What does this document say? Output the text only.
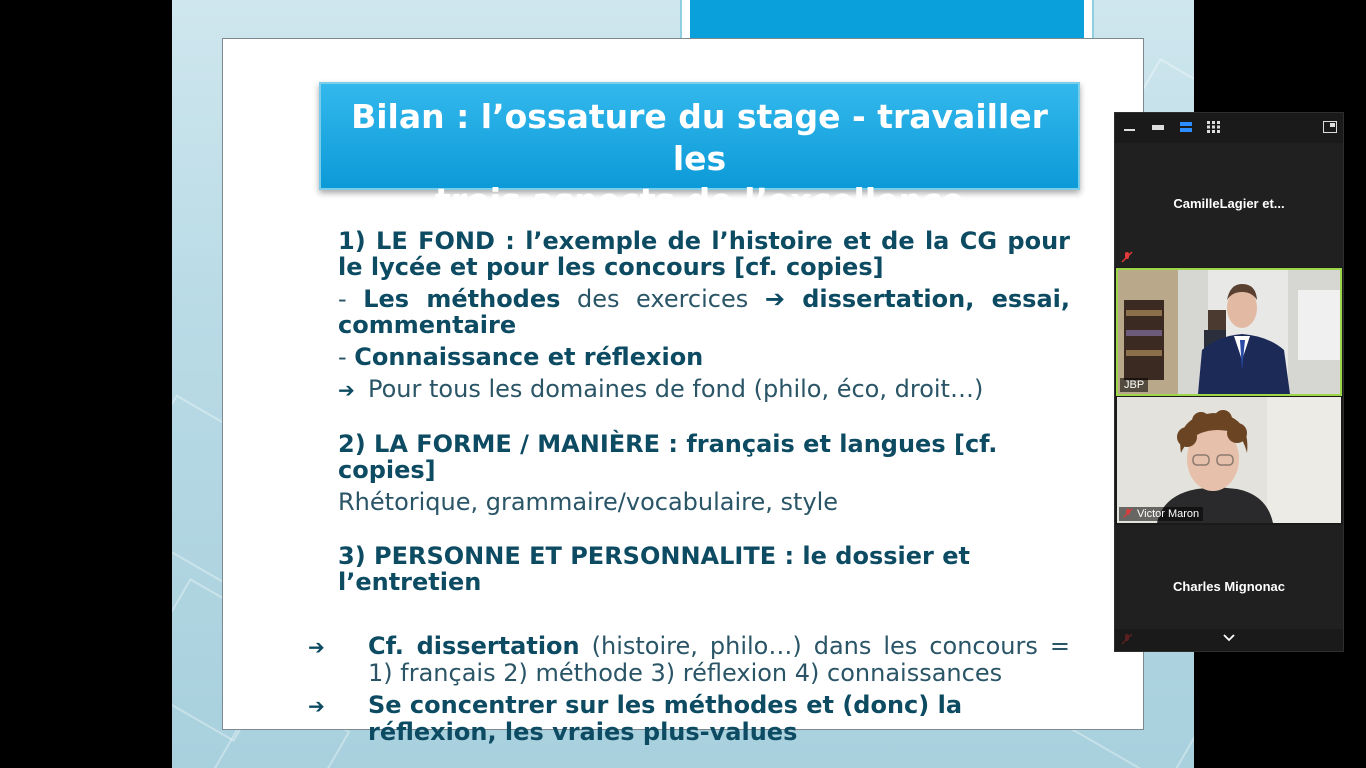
Bilan : l’ossature du stage - travailler les
trois aspects de l’excellence
1) LE FOND : l’exemple de l’histoire et de la CG pour le lycée et pour les concours [cf. copies]
- Les méthodes des exercices ➔ dissertation, essai, commentaire
- Connaissance et réflexion
➔ Pour tous les domaines de fond (philo, éco, droit…)
2) LA FORME / MANIÈRE : français et langues [cf. copies]
Rhétorique, grammaire/vocabulaire, style
3) PERSONNE ET PERSONNALITE : le dossier et l’entretien
➔ Cf. dissertation (histoire, philo…) dans les concours = 1) français 2) méthode 3) réflexion 4) connaissances
➔ Se concentrer sur les méthodes et (donc) la réflexion, les vraies plus-values
CamilleLagier et...
JBP
Victor Maron
Charles Mignonac
